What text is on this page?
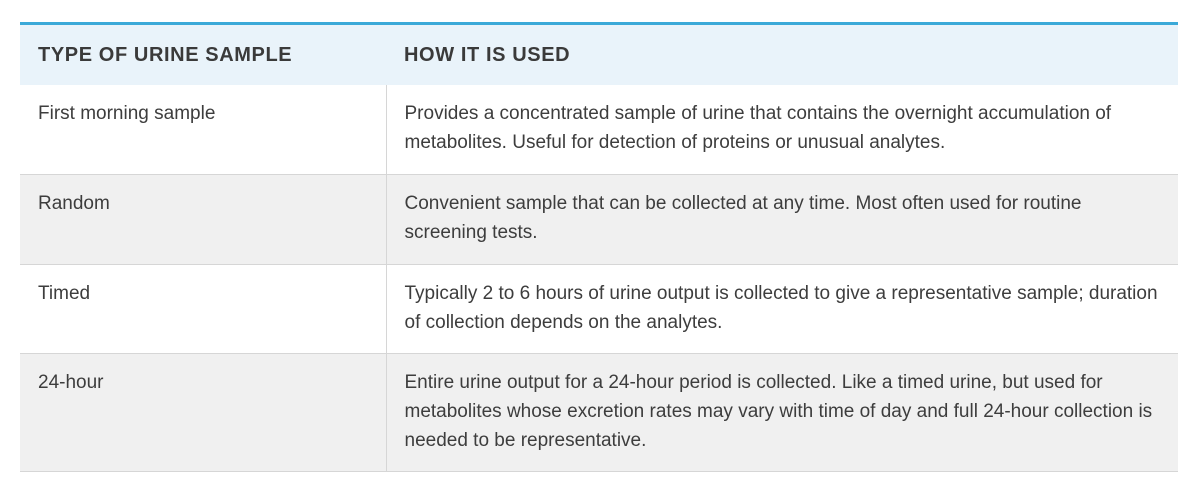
TYPE OF URINE SAMPLE	HOW IT IS USED
First morning sample	Provides a concentrated sample of urine that contains the overnight accumulation of metabolites. Useful for detection of proteins or unusual analytes.
Random	Convenient sample that can be collected at any time. Most often used for routine screening tests.
Timed	Typically 2 to 6 hours of urine output is collected to give a representative sample; duration of collection depends on the analytes.
24-hour	Entire urine output for a 24-hour period is collected. Like a timed urine, but used for metabolites whose excretion rates may vary with time of day and full 24-hour collection is needed to be representative.
